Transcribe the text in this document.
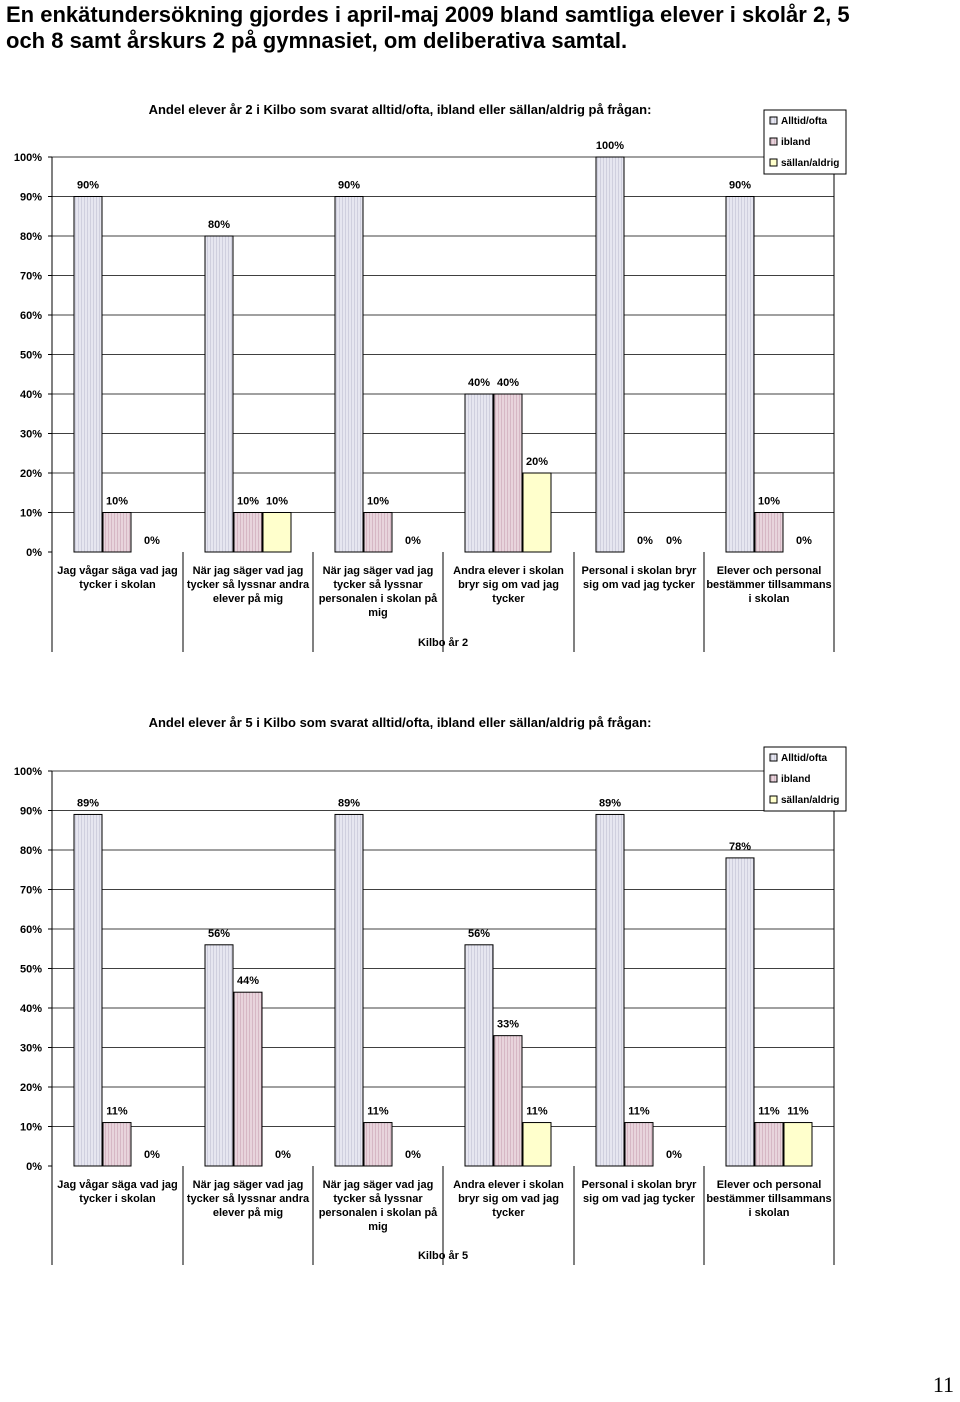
En enkätundersökning gjordes i april-maj 2009 bland samtliga elever i skolår 2, 5
och 8 samt årskurs 2 på gymnasiet, om deliberativa samtal.
Andel elever år 2 i Kilbo som svarat alltid/ofta, ibland eller sällan/aldrig på frågan:
0%
10%
20%
30%
40%
50%
60%
70%
80%
90%
100%
90%
80%
90%
40%
100%
90%
10%	10%	10%
40%
0%
10%
0%
10%
0%
20%
0%	0%
Jag vågar säga vad jag
tycker i skolan
När jag säger vad jag
tycker så lyssnar andra
elever på mig
När jag säger vad jag
tycker så lyssnar
personalen i skolan på
mig
Andra elever i skolan
bryr sig om vad jag
tycker
Personal i skolan bryr
sig om vad jag tycker
Elever och personal
bestämmer tillsammans
i skolan
Kilbo år 2
Alltid/ofta
ibland
sällan/aldrig
Andel elever år 5 i Kilbo som svarat alltid/ofta, ibland eller sällan/aldrig på frågan:
0%
10%
20%
30%
40%
50%
60%
70%
80%
90%
100%
89%
56%
89%
56%
89%
78%
11%
44%
11%
33%
11%	11%
0%	0%	0%
11%
0%
11%
Jag vågar säga vad jag
tycker i skolan
När jag säger vad jag
tycker så lyssnar andra
elever på mig
När jag säger vad jag
tycker så lyssnar
personalen i skolan på
mig
Andra elever i skolan
bryr sig om vad jag
tycker
Personal i skolan bryr
sig om vad jag tycker
Elever och personal
bestämmer tillsammans
i skolan
Kilbo år 5
Alltid/ofta
ibland
sällan/aldrig
11
